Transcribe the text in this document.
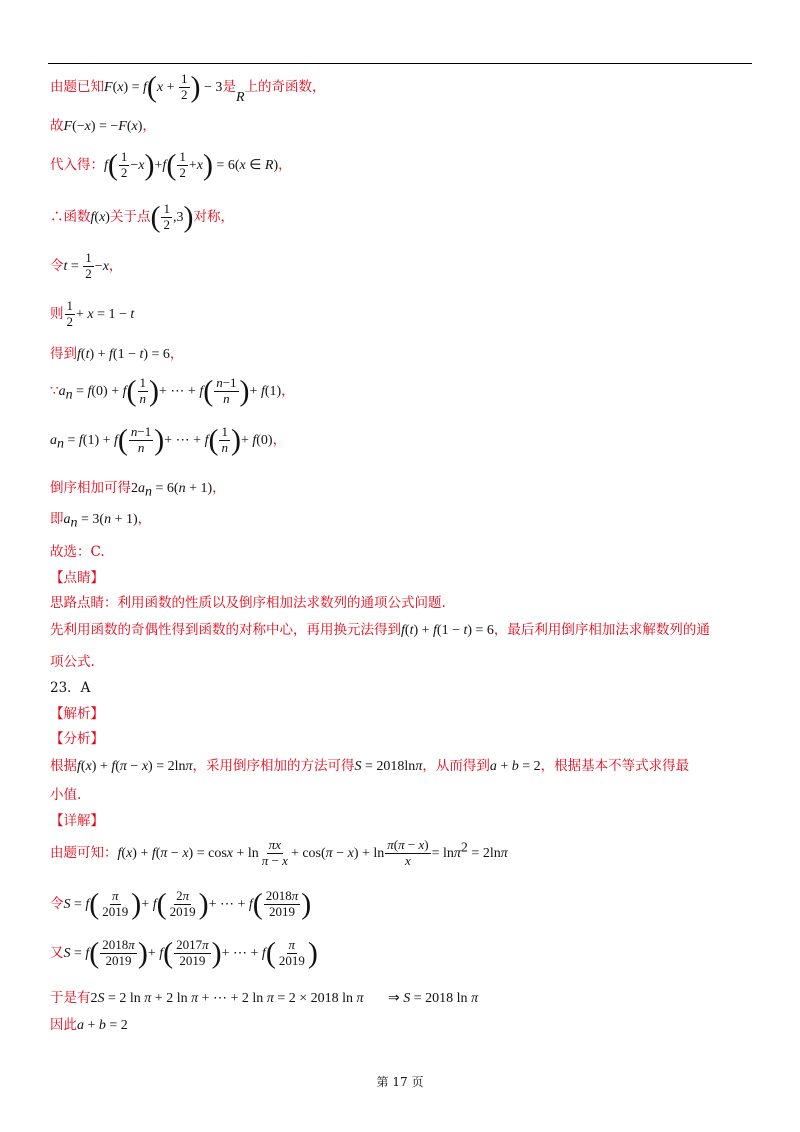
由题已知$F(x) = f(x + \frac{1}{2}$ ) − 3是R上的奇函数，
故F(−x) = −F(x)，
代入得：$f( \frac{1}{2} -x)+f( \frac{1}{2} +x) = 6(x$ ∈ R)，
∴函数f(x)关于点( $\frac{1}{2} ,3$)对称，
令$t = \frac{1}{2} -x$，
则 $\frac{1}{2} + x = 1 - t$
得到f(t) + f(1 − t) = 6，
$\because a_n = f(0) + f( \frac{1}{n}$ )+ ⋯ + $f( \frac{n-1}{n}$ )+ f(1)，
$a_n = f(1) + f( \frac{n-1}{n}$ )+ ⋯ + $f( \frac{1}{n}$ )+ f(0)，
倒序相加可得$2a_n = 6(n + 1)$，
即$a_n = 3(n + 1)$，
故选：C.
【点睛】
思路点睛：利用函数的性质以及倒序相加法求数列的通项公式问题.
先利用函数的奇偶性得到函数的对称中心，再用换元法得到f(t) + f(1 − t) = 6，最后利用倒序相加法求解数列的通
项公式.
23．A
【解析】
【分析】
根据f(x) + f(π − x) = 2lnπ，采用倒序相加的方法可得S = 2018lnπ，从而得到a + b = 2，根据基本不等式求得最
小值.
【详解】
由题可知：$f(x) + f(\pi - x) = \cos x + \ln \frac{\pi x}{\pi - x} + \cos(\pi - x) + \ln \frac{\pi(\pi - x)}{x} = \ln\pi^2 = 2\ln\pi$
令$S = f( \frac{\pi}{2019}$ )+ $f( \frac{2\pi}{2019}$ )+ ⋯ + $f( \frac{2018\pi}{2019}$ )
又$S = f( \frac{2018\pi}{2019}$ )+ $f( \frac{2017\pi}{2019}$ )+ ⋯ + $f( \frac{\pi}{2019}$ )
于是有2S = 2 ln π + 2 ln π + ⋯ + 2 ln π = 2 × 2018 ln π       ⇒ S = 2018 ln π
因此a + b = 2
第 17 页
